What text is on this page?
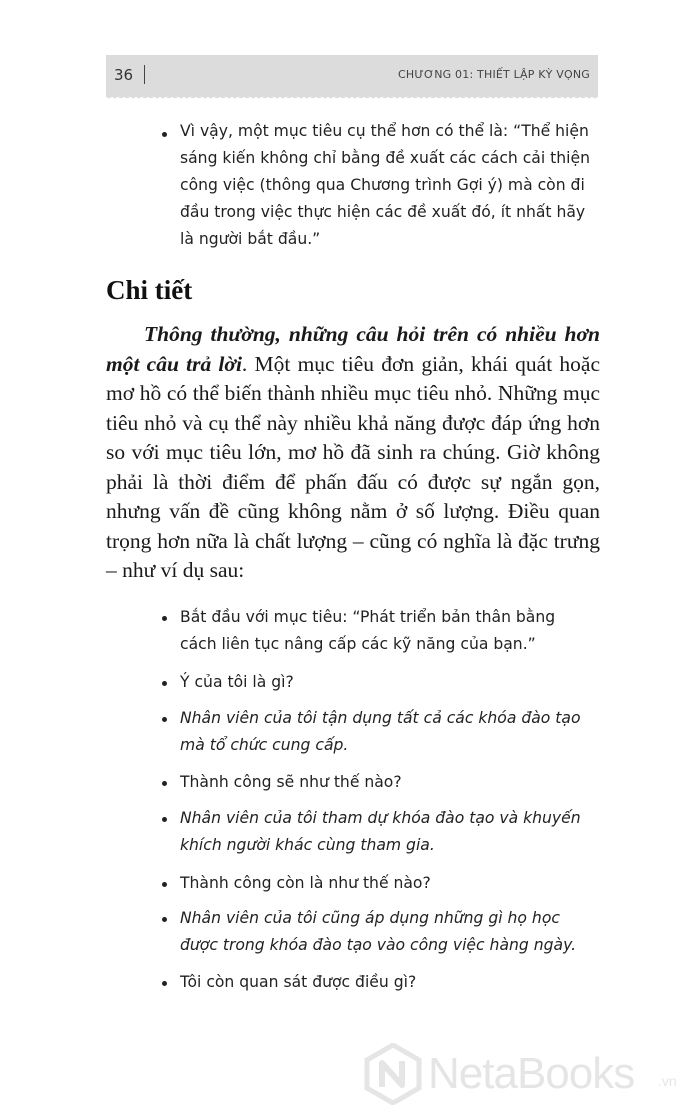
36	CHƯƠNG 01: THIẾT LẬP KỲ VỌNG
Vì vậy, một mục tiêu cụ thể hơn có thể là: “Thể hiện sáng kiến không chỉ bằng đề xuất các cách cải thiện công việc (thông qua Chương trình Gợi ý) mà còn đi đầu trong việc thực hiện các đề xuất đó, ít nhất hãy là người bắt đầu.”
Chi tiết

Thông thường, những câu hỏi trên có nhiều hơn một câu trả lời. Một mục tiêu đơn giản, khái quát hoặc mơ hồ có thể biến thành nhiều mục tiêu nhỏ. Những mục tiêu nhỏ và cụ thể này nhiều khả năng được đáp ứng hơn so với mục tiêu lớn, mơ hồ đã sinh ra chúng. Giờ không phải là thời điểm để phấn đấu có được sự ngắn gọn, nhưng vấn đề cũng không nằm ở số lượng. Điều quan trọng hơn nữa là chất lượng – cũng có nghĩa là đặc trưng – như ví dụ sau:

Bắt đầu với mục tiêu: “Phát triển bản thân bằng cách liên tục nâng cấp các kỹ năng của bạn.”
Ý của tôi là gì?
Nhân viên của tôi tận dụng tất cả các khóa đào tạo mà tổ chức cung cấp.
Thành công sẽ như thế nào?
Nhân viên của tôi tham dự khóa đào tạo và khuyến khích người khác cùng tham gia.
Thành công còn là như thế nào?
Nhân viên của tôi cũng áp dụng những gì họ học được trong khóa đào tạo vào công việc hàng ngày.
Tôi còn quan sát được điều gì?
NetaBooks .vn
